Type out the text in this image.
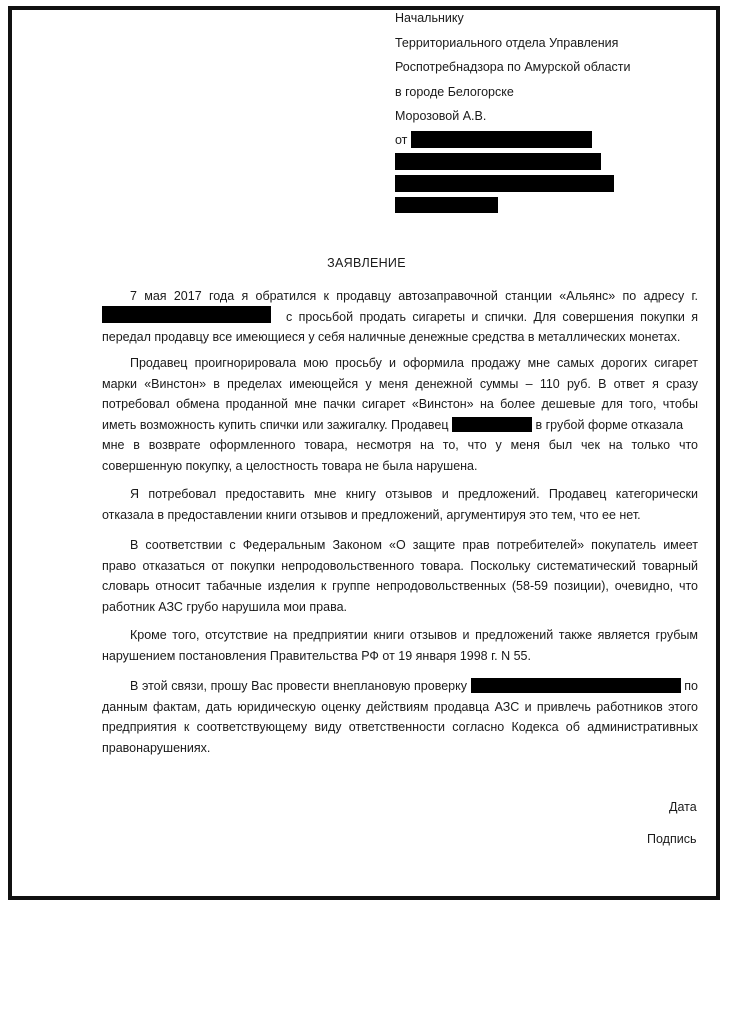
Начальнику
Территориального отдела Управления
Роспотребнадзора по Амурской области
в городе Белогорске
Морозовой А.В.
от
ЗАЯВЛЕНИЕ
7 мая 2017 года я обратился к продавцу автозаправочной станции «Альянс» по адресу г.
с просьбой продать сигареты и спички. Для совершения покупки я
передал продавцу все имеющиеся у себя наличные денежные средства в металлических монетах.
Продавец проигнорировала мою просьбу и оформила продажу мне самых дорогих сигарет
марки «Винстон» в пределах имеющейся у меня денежной суммы – 110 руб. В ответ я сразу
потребовал обмена проданной мне пачки сигарет «Винстон» на более дешевые для того, чтобы
иметь возможность купить спички или зажигалку. Продавец	в грубой форме отказала
мне в возврате оформленного товара, несмотря на то, что у меня был чек на только что
совершенную покупку, а целостность товара не была нарушена.
Я потребовал предоставить мне книгу отзывов и предложений. Продавец категорически
отказала в предоставлении книги отзывов и предложений, аргументируя это тем, что ее нет.
В соответствии с Федеральным Законом «О защите прав потребителей» покупатель имеет
право отказаться от покупки непродовольственного товара. Поскольку систематический товарный
словарь относит табачные изделия к группе непродовольственных (58-59 позиции), очевидно, что
работник АЗС грубо нарушила мои права.
Кроме того, отсутствие на предприятии книги отзывов и предложений также является грубым
нарушением постановления Правительства РФ от 19 января 1998 г. N 55.
В этой связи, прошу Вас провести внеплановую проверку	по
данным фактам, дать юридическую оценку действиям продавца АЗС и привлечь работников этого
предприятия к соответствующему виду ответственности согласно Кодекса об административных
правонарушениях.
Дата
Подпись
